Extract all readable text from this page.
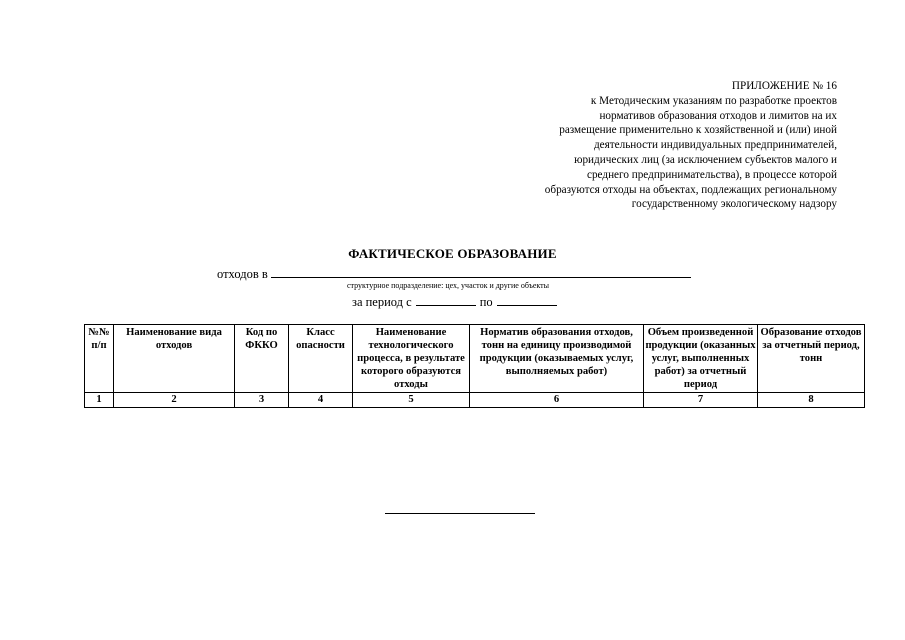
ПРИЛОЖЕНИЕ № 16
к Методическим указаниям по разработке проектов
нормативов образования отходов и лимитов на их
размещение применительно к хозяйственной и (или) иной
деятельности индивидуальных предпринимателей,
юридических лиц (за исключением субъектов малого и
среднего предпринимательства), в процессе которой
образуются отходы на объектах, подлежащих региональному
государственному экологическому надзору
ФАКТИЧЕСКОЕ ОБРАЗОВАНИЕ
отходов в
структурное подразделение: цех, участок и другие объекты
за период с	по
№№ п/п	Наименование вида отходов	Код по ФККО	Класс опасности	Наименование технологического процесса, в результате которого образуются отходы	Норматив образования отходов, тонн на единицу производимой продукции (оказываемых услуг, выполняемых работ)	Объем произведенной продукции (оказанных услуг, выполненных работ) за отчетный период	Образование отходов за отчетный период, тонн
1	2	3	4	5	6	7	8
